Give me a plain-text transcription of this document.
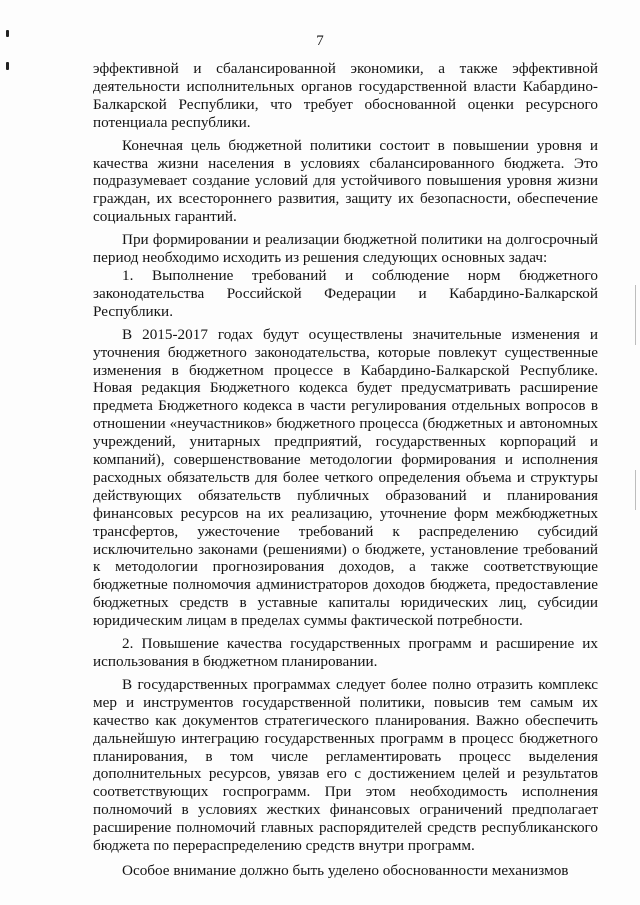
7

эффективной и сбалансированной экономики, а также эффективной деятельности исполнительных органов государственной власти Кабардино-Балкарской Республики, что требует обоснованной оценки ресурсного потенциала республики.

Конечная цель бюджетной политики состоит в повышении уровня и качества жизни населения в условиях сбалансированного бюджета. Это подразумевает создание условий для устойчивого повышения уровня жизни граждан, их всестороннего развития, защиту их безопасности, обеспечение социальных гарантий.

При формировании и реализации бюджетной политики на долгосрочный период необходимо исходить из решения следующих основных задач:

1. Выполнение требований и соблюдение норм бюджетного законодательства Российской Федерации и Кабардино-Балкарской Республики.

В 2015-2017 годах будут осуществлены значительные изменения и уточнения бюджетного законодательства, которые повлекут существенные изменения в бюджетном процессе в Кабардино-Балкарской Республике. Новая редакция Бюджетного кодекса будет предусматривать расширение предмета Бюджетного кодекса в части регулирования отдельных вопросов в отношении «неучастников» бюджетного процесса (бюджетных и автономных учреждений, унитарных предприятий, государственных корпораций и компаний), совершенствование методологии формирования и исполнения расходных обязательств для более четкого определения объема и структуры действующих обязательств публичных образований и планирования финансовых ресурсов на их реализацию, уточнение форм межбюджетных трансфертов, ужесточение требований к распределению субсидий исключительно законами (решениями) о бюджете, установление требований к методологии прогнозирования доходов, а также соответствующие бюджетные полномочия администраторов доходов бюджета, предоставление бюджетных средств в уставные капиталы юридических лиц, субсидии юридическим лицам в пределах суммы фактической потребности.

2. Повышение качества государственных программ и расширение их использования в бюджетном планировании.

В государственных программах следует более полно отразить комплекс мер и инструментов государственной политики, повысив тем самым их качество как документов стратегического планирования. Важно обеспечить дальнейшую интеграцию государственных программ в процесс бюджетного планирования, в том числе регламентировать процесс выделения дополнительных ресурсов, увязав его с достижением целей и результатов соответствующих госпрограмм. При этом необходимость исполнения полномочий в условиях жестких финансовых ограничений предполагает расширение полномочий главных распорядителей средств республиканского бюджета по перераспределению средств внутри программ.

Особое внимание должно быть уделено обоснованности механизмов
